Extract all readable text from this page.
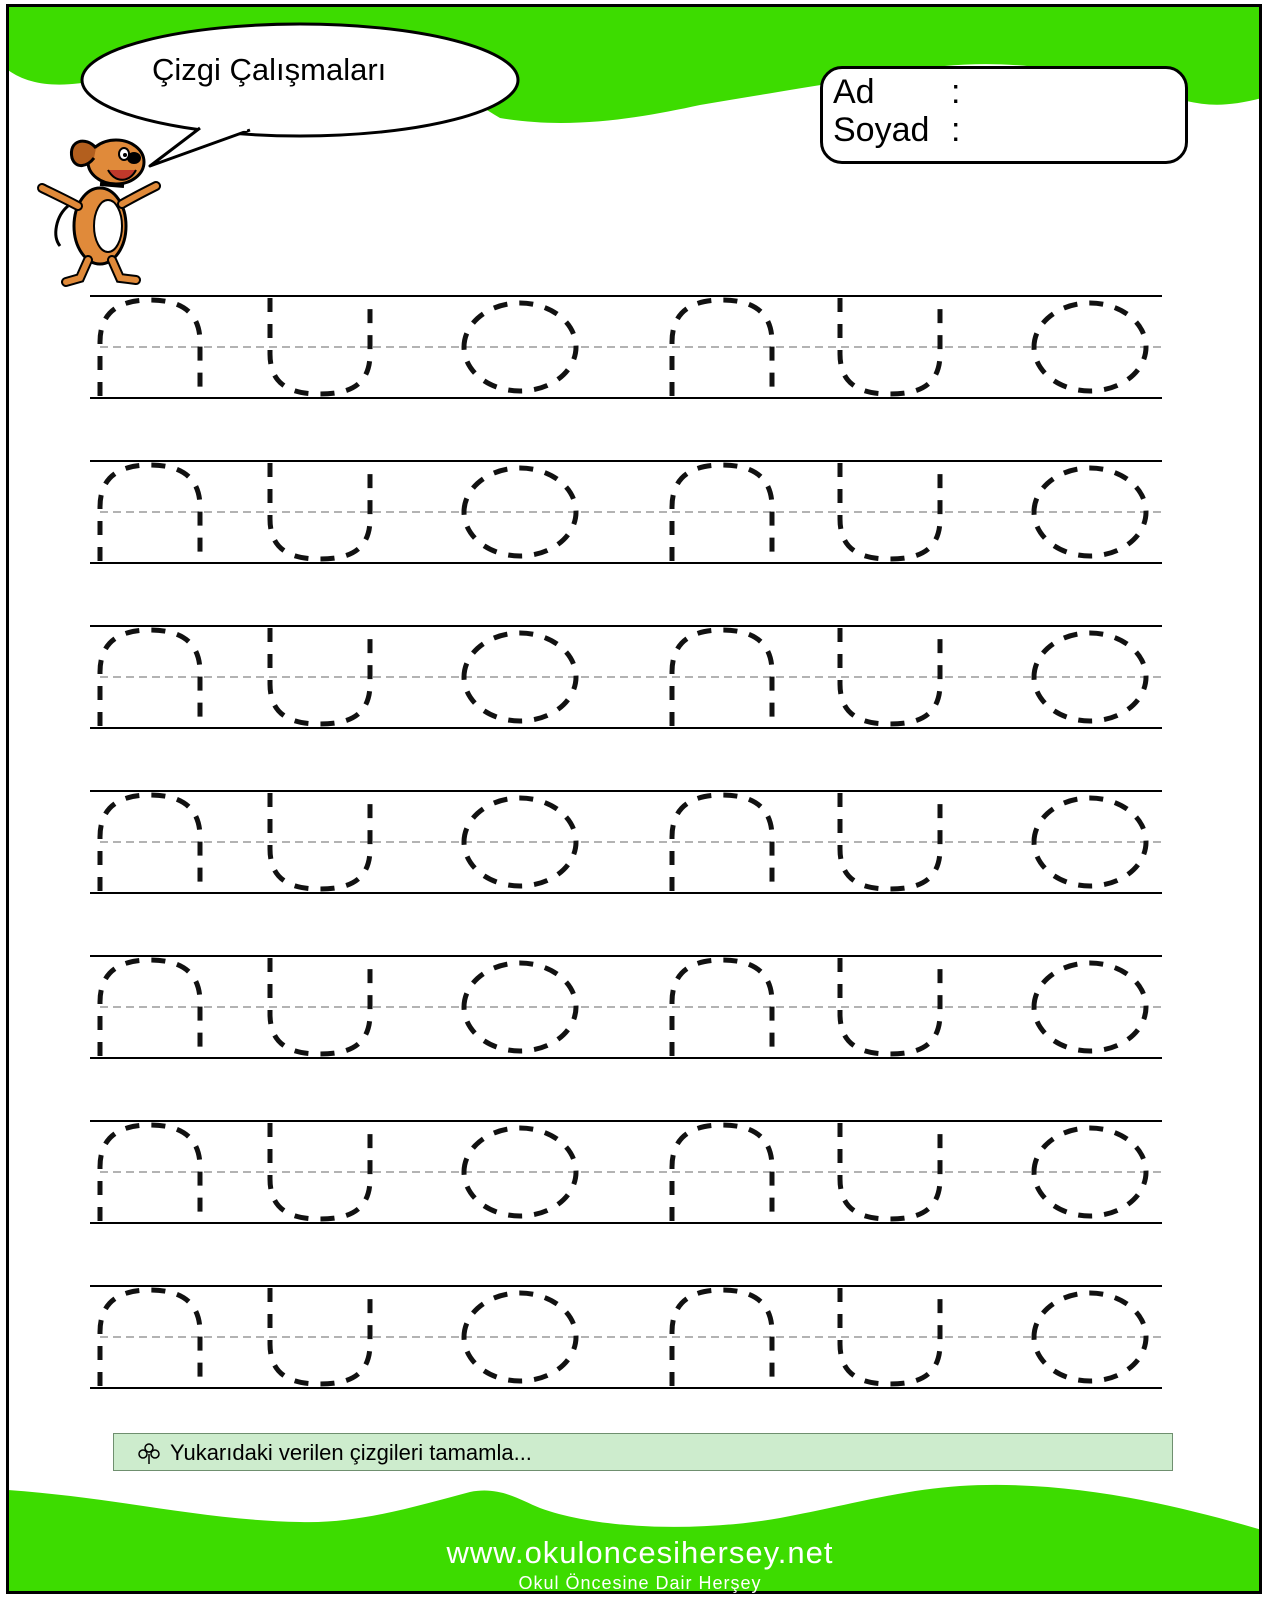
Çizgi Çalışmaları
Ad :
Soyad :
Yukarıdaki verilen çizgileri tamamla...
www.okuloncesihersey.net
Okul Öncesine Dair Herşey
